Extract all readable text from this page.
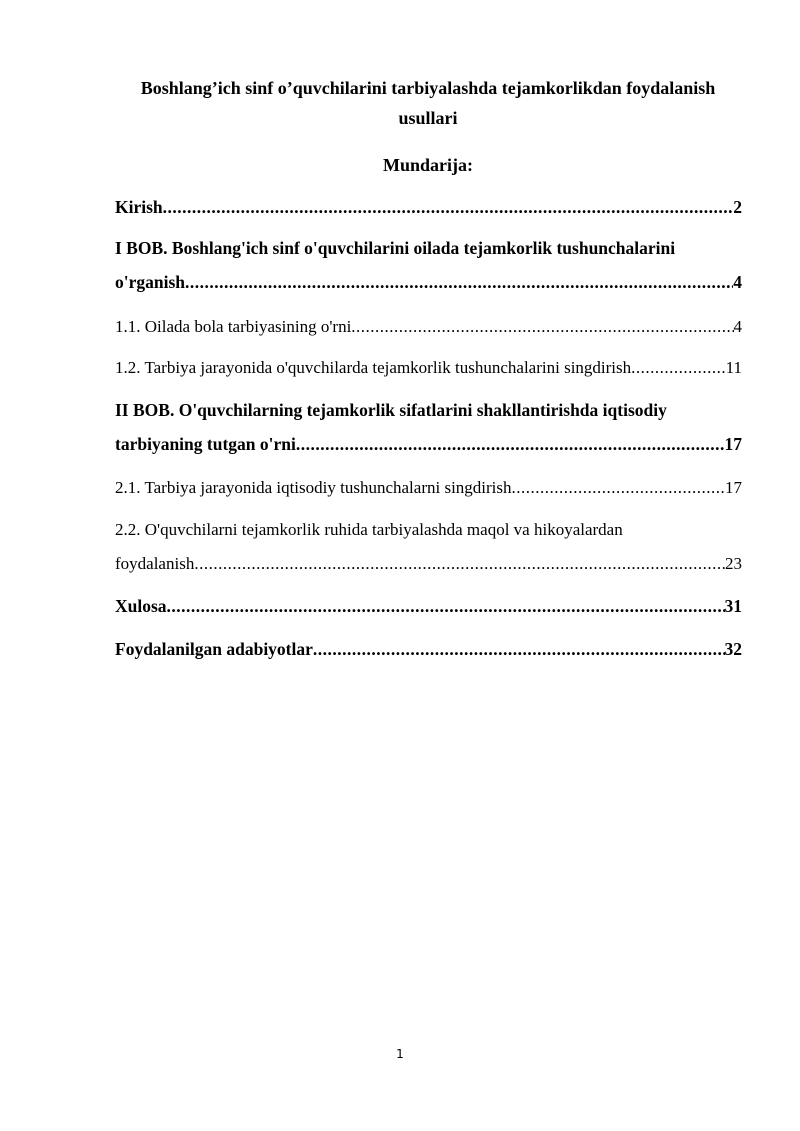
Boshlang’ich sinf o’quvchilarini tarbiyalashda tejamkorlikdan foydalanish
usullari
Mundarija:
Kirish .....	2
I BOB. Boshlang'ich sinf o'quvchilarini oilada tejamkorlik tushunchalarini
o'rganish .....	4
1.1. Oilada bola tarbiyasining o'rni .....	4
1.2. Tarbiya jarayonida o'quvchilarda tejamkorlik tushunchalarini singdirish .....	11
II BOB. O'quvchilarning tejamkorlik sifatlarini shakllantirishda iqtisodiy
tarbiyaning tutgan o'rni .....	17
2.1. Tarbiya jarayonida iqtisodiy tushunchalarni singdirish .....	17
2.2. O'quvchilarni tejamkorlik ruhida tarbiyalashda maqol va hikoyalardan
foydalanish .....	23
Xulosa .....	31
Foydalanilgan adabiyotlar .....	32
1
